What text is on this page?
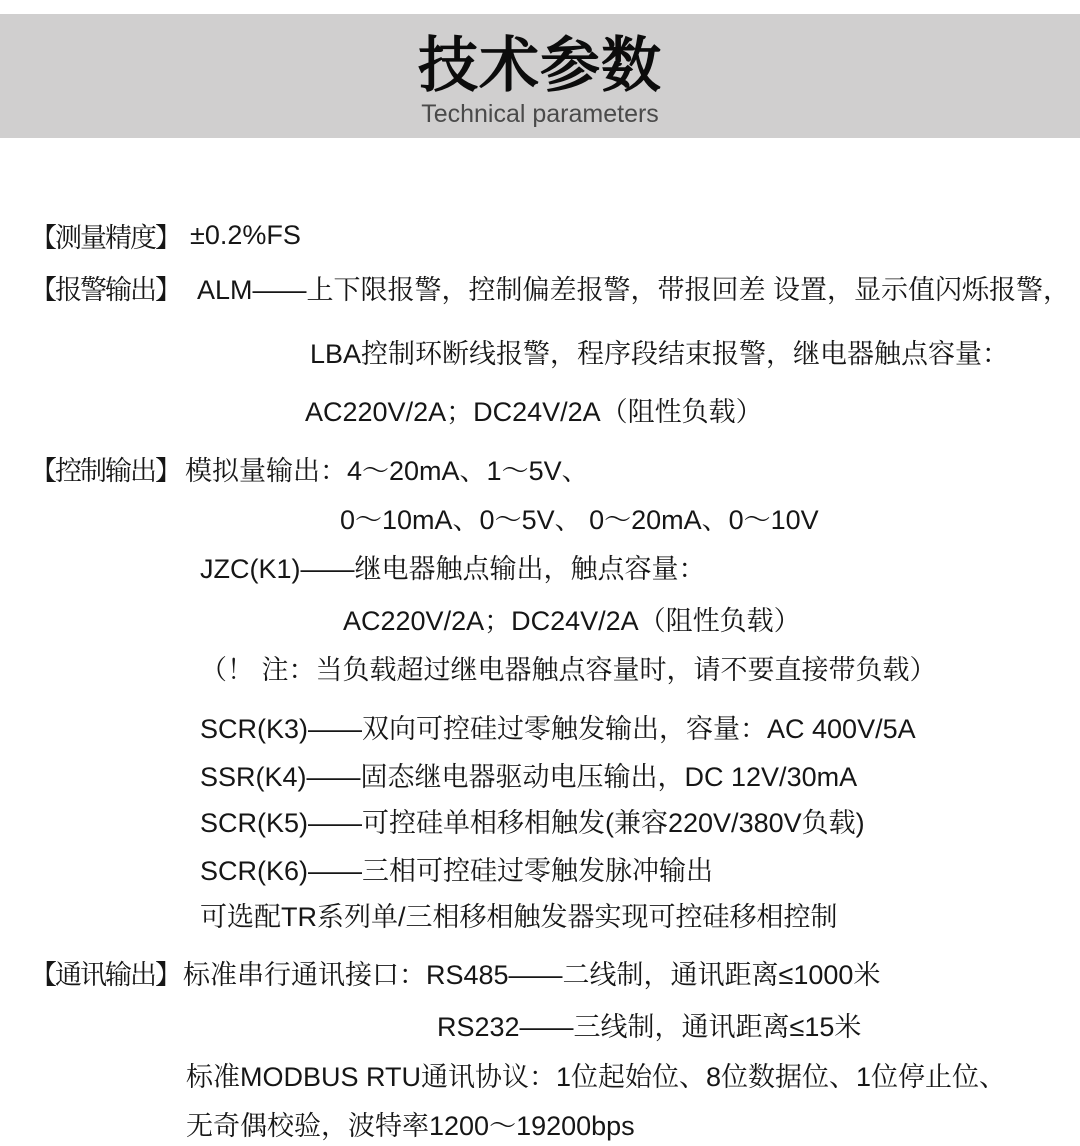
技术参数
Technical parameters
【测量精度】 ±0.2%FS
【报警输出】 ALM——上下限报警，控制偏差报警，带报回差 设置，显示值闪烁报警，
LBA控制环断线报警，程序段结束报警，继电器触点容量：
AC220V/2A；DC24V/2A（阻性负载）
【控制输出】 模拟量输出：4～20mA、1～5V、
0～10mA、0～5V、 0～20mA、0～10V
JZC(K1)——继电器触点输出，触点容量：
AC220V/2A；DC24V/2A（阻性负载）
（！ 注：当负载超过继电器触点容量时，请不要直接带负载）
SCR(K3)——双向可控硅过零触发输出，容量：AC 400V/5A
SSR(K4)——固态继电器驱动电压输出，DC 12V/30mA
SCR(K5)——可控硅单相移相触发(兼容220V/380V负载)
SCR(K6)——三相可控硅过零触发脉冲输出
可选配TR系列单/三相移相触发器实现可控硅移相控制
【通讯输出】 标准串行通讯接口：RS485——二线制，通讯距离≤1000米
RS232——三线制，通讯距离≤15米
标准MODBUS RTU通讯协议：1位起始位、8位数据位、1位停止位、
无奇偶校验，波特率1200～19200bps
